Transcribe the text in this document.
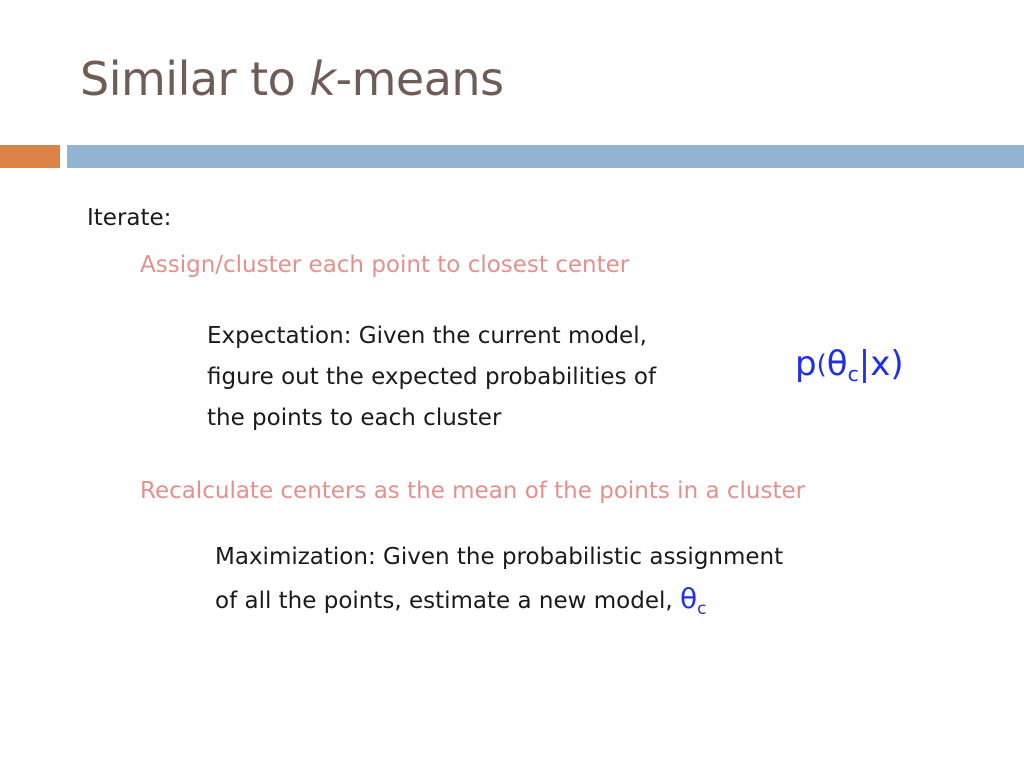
Similar to k-means
Iterate:
Assign/cluster each point to closest center
Expectation: Given the current model,
figure out the expected probabilities of
the points to each cluster
$p(\theta_c|x)$
Recalculate centers as the mean of the points in a cluster
Maximization: Given the probabilistic assignment
of all the points, estimate a new model, $\theta_c$
